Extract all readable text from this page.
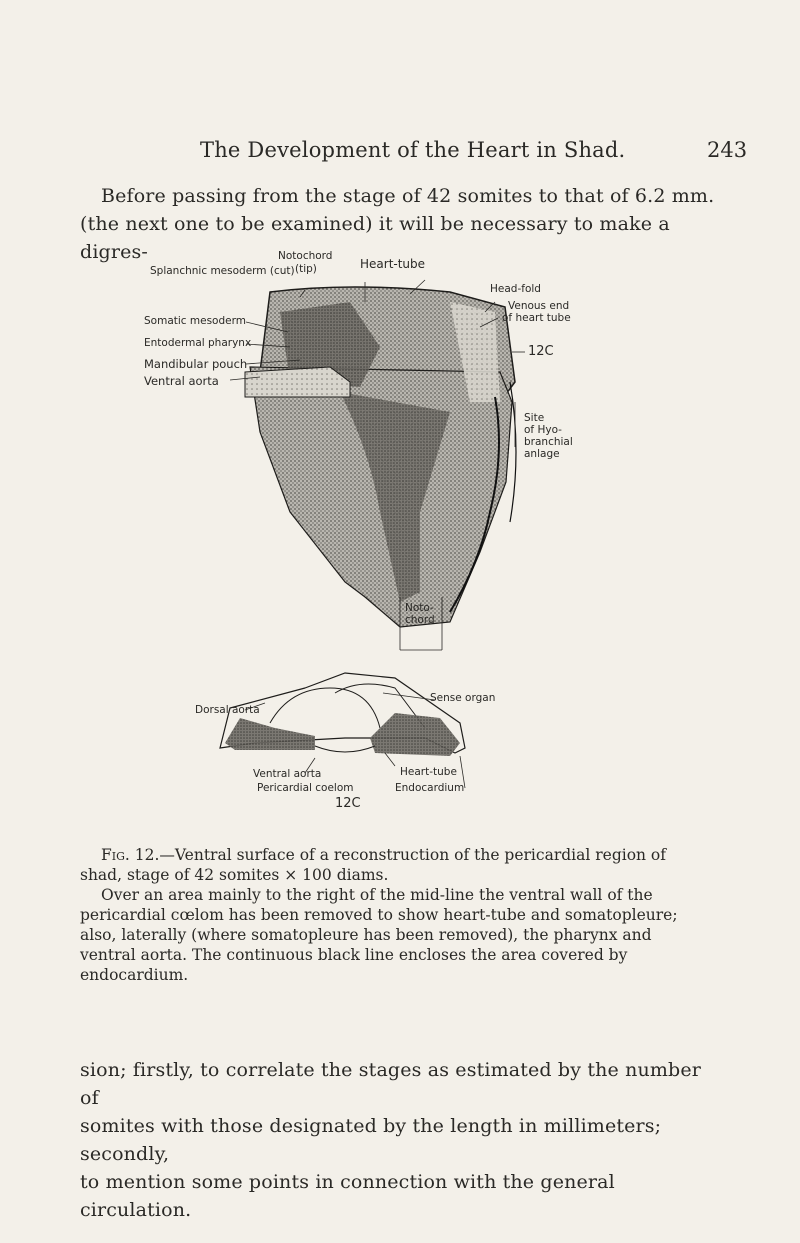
The Development of the Heart in Shad.	243
Before passing from the stage of 42 somites to that of 6.2 mm.
(the next one to be examined) it will be necessary to make a digres-	Notochord
(tip)
Splanchnic mesoderm (cut)	Heart-tube
Head-fold
Venous end
of heart tube
Somatic mesoderm
Entodermal pharynx
Mandibular pouch
Ventral aorta
12C
Site
of Hyo-
branchial
anlage
Noto-
chord
Dorsal aorta
Sense organ
Ventral aorta	Heart-tube
Pericardial coelom	Endocardium
12C
Fig. 12.—Ventral surface of a reconstruction of the pericardial region of
shad, stage of 42 somites × 100 diams.
Over an area mainly to the right of the mid-line the ventral wall of the
pericardial cœlom has been removed to show heart-tube and somatopleure;
also, laterally (where somatopleure has been removed), the pharynx and
ventral aorta. The continuous black line encloses the area covered by
endocardium.
sion; firstly, to correlate the stages as estimated by the number of
somites with those designated by the length in millimeters; secondly,
to mention some points in connection with the general circulation.
